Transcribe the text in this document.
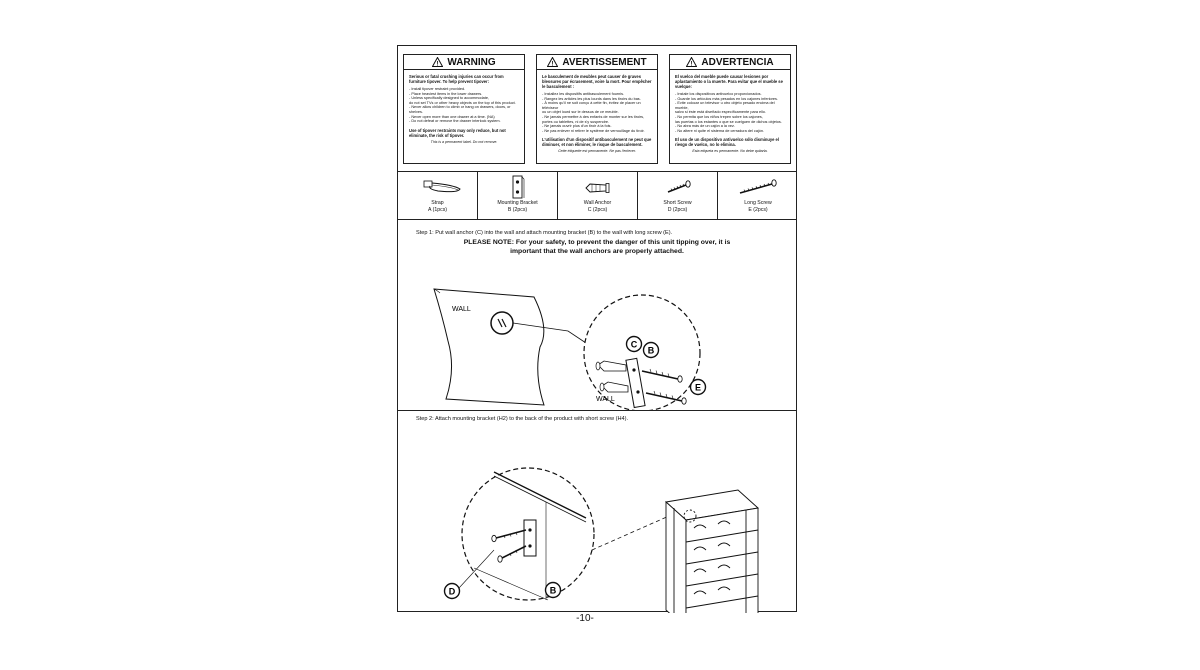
! WARNING
Serious or fatal crushing injuries can occur from furniture tipover. To help prevent tipover:
- Install tipover restraint provided.
- Place heaviest items in the lower drawers.
- Unless specifically designed to accommodate,
do not set TVs or other heavy objects on the top of this product.
- Never allow children to climb or hang on drawers, doors, or shelves.
- Never open more than one drawer at a time. (NA)
- Do not defeat or remove the drawer interlock system.
Use of tipover restraints may only reduce, but not eliminate, the risk of tipover.
This is a permanent label. Do not remove.
! AVERTISSEMENT
Le basculement de meubles peut causer de graves blessures par écrasement, voire la mort. Pour empêcher le basculement :
- Installez les dispositifs antibasculement fournis.
- Rangez les articles les plus lourds dans les tiroirs du bas.
- À moins qu'il ne soit conçu à cette fin, évitez de placer un téléviseur
ou un objet lourd sur le dessus de ce meuble.
- Ne jamais permettre à des enfants de monter sur les tiroirs,
portes ou tablettes, ni de s'y suspendre.
- Ne jamais ouvrir plus d'un tiroir à la fois.
- Ne pas enlever ni retirer le système de verrouillage du tiroir.
L'utilisation d'un dispositif antibasculement ne peut que diminuer, et non éliminer, le risque de basculement.
Cette étiquette est permanente. Ne pas l'enlever.
! ADVERTENCIA
El vuelco del mueble puede causar lesiones por aplastamiento o la muerte. Para evitar que el mueble se vuelque:
- Instale los dispositivos antivuelco proporcionados.
- Guarde los artículos más pesados en los cajones inferiores.
- Evite colocar un televisor u otro objeto pesado encima del mueble,
salvo si éste está diseñado específicamente para ello.
- No permita que los niños trepen sobre los cajones,
las puertas o los estantes o que se cuelguen de dichos objetos.
- No abra más de un cajón a la vez.
- No altere ni quite el sistema de cerradura del cajón.
El uso de un dispositivo antivuelco sólo disminuye el riesgo de vuelco, no lo elimina.
Esta etiqueta es permanente. No debe quitarla.
Strap
A (1pcs)
Mounting Bracket
B (2pcs)
Wall Anchor
C (2pcs)
Short Screw
D (2pcs)
Long Screw
E (2pcs)
Step 1: Put wall anchor (C) into the wall and attach mounting bracket (B) to the wall with long screw (E).
PLEASE NOTE: For your safety, to prevent the danger of this unit tipping over, it is
important that the wall anchors are properly attached.
WALL
WALL
C
B
E
Step 2: Attach mounting bracket (H2) to the back of the product with short screw (H4).
D	B
-10-
